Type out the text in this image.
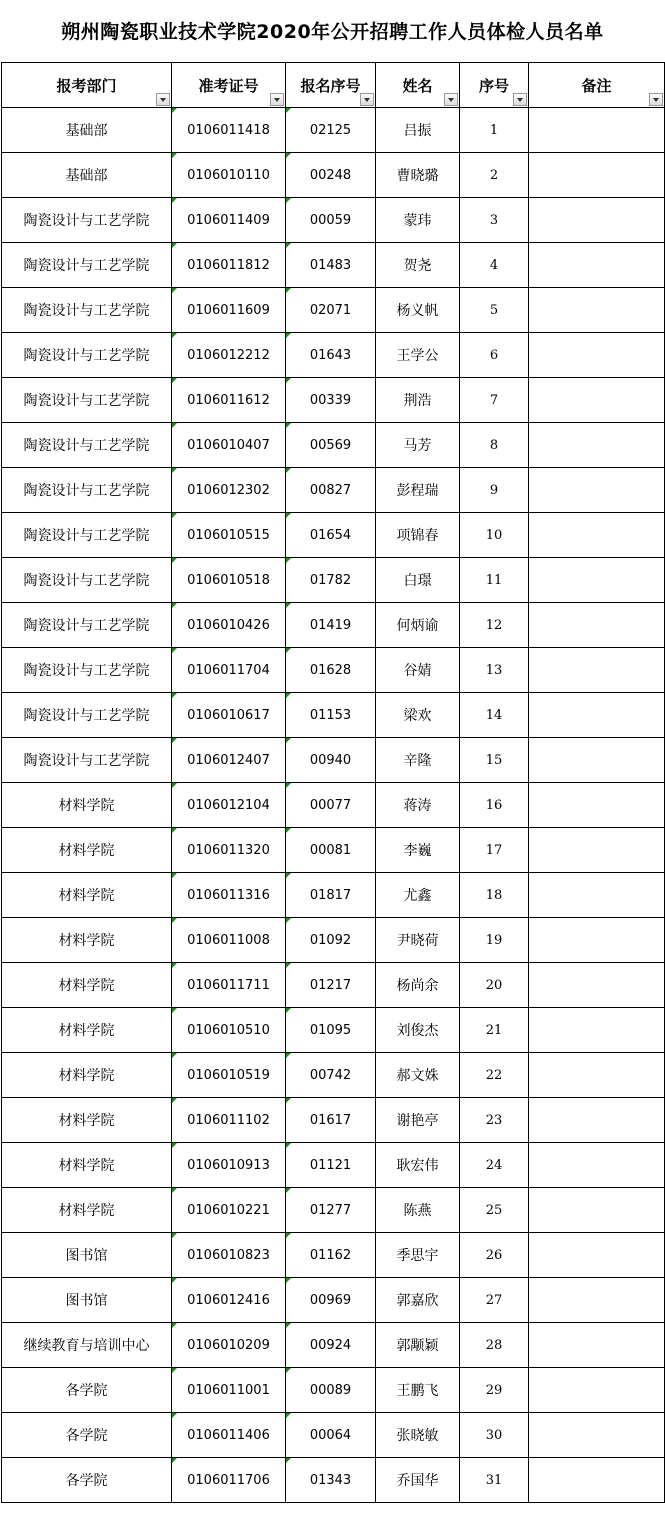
朔州陶瓷职业技术学院2020年公开招聘工作人员体检人员名单
报考部门	准考证号	报名序号	姓名	序号	备注

基础部	0106011418	02125	吕振	1	
基础部	0106010110	00248	曹晓璐	2	
陶瓷设计与工艺学院	0106011409	00059	蒙玮	3	
陶瓷设计与工艺学院	0106011812	01483	贺尧	4	
陶瓷设计与工艺学院	0106011609	02071	杨义帆	5	
陶瓷设计与工艺学院	0106012212	01643	王学公	6	
陶瓷设计与工艺学院	0106011612	00339	荆浩	7	
陶瓷设计与工艺学院	0106010407	00569	马芳	8	
陶瓷设计与工艺学院	0106012302	00827	彭程瑞	9	
陶瓷设计与工艺学院	0106010515	01654	项锦春	10	
陶瓷设计与工艺学院	0106010518	01782	白璟	11	
陶瓷设计与工艺学院	0106010426	01419	何炳谕	12	
陶瓷设计与工艺学院	0106011704	01628	谷婧	13	
陶瓷设计与工艺学院	0106010617	01153	梁欢	14	
陶瓷设计与工艺学院	0106012407	00940	辛隆	15	
材料学院	0106012104	00077	蒋涛	16	
材料学院	0106011320	00081	李巍	17	
材料学院	0106011316	01817	尤鑫	18	
材料学院	0106011008	01092	尹晓荷	19	
材料学院	0106011711	01217	杨尚余	20	
材料学院	0106010510	01095	刘俊杰	21	
材料学院	0106010519	00742	郝文姝	22	
材料学院	0106011102	01617	谢艳亭	23	
材料学院	0106010913	01121	耿宏伟	24	
材料学院	0106010221	01277	陈燕	25	
图书馆	0106010823	01162	季思宇	26	
图书馆	0106012416	00969	郭嘉欣	27	
继续教育与培训中心	0106010209	00924	郭颙颖	28	
各学院	0106011001	00089	王鹏飞	29	
各学院	0106011406	00064	张晓敏	30	
各学院	0106011706	01343	乔国华	31	
